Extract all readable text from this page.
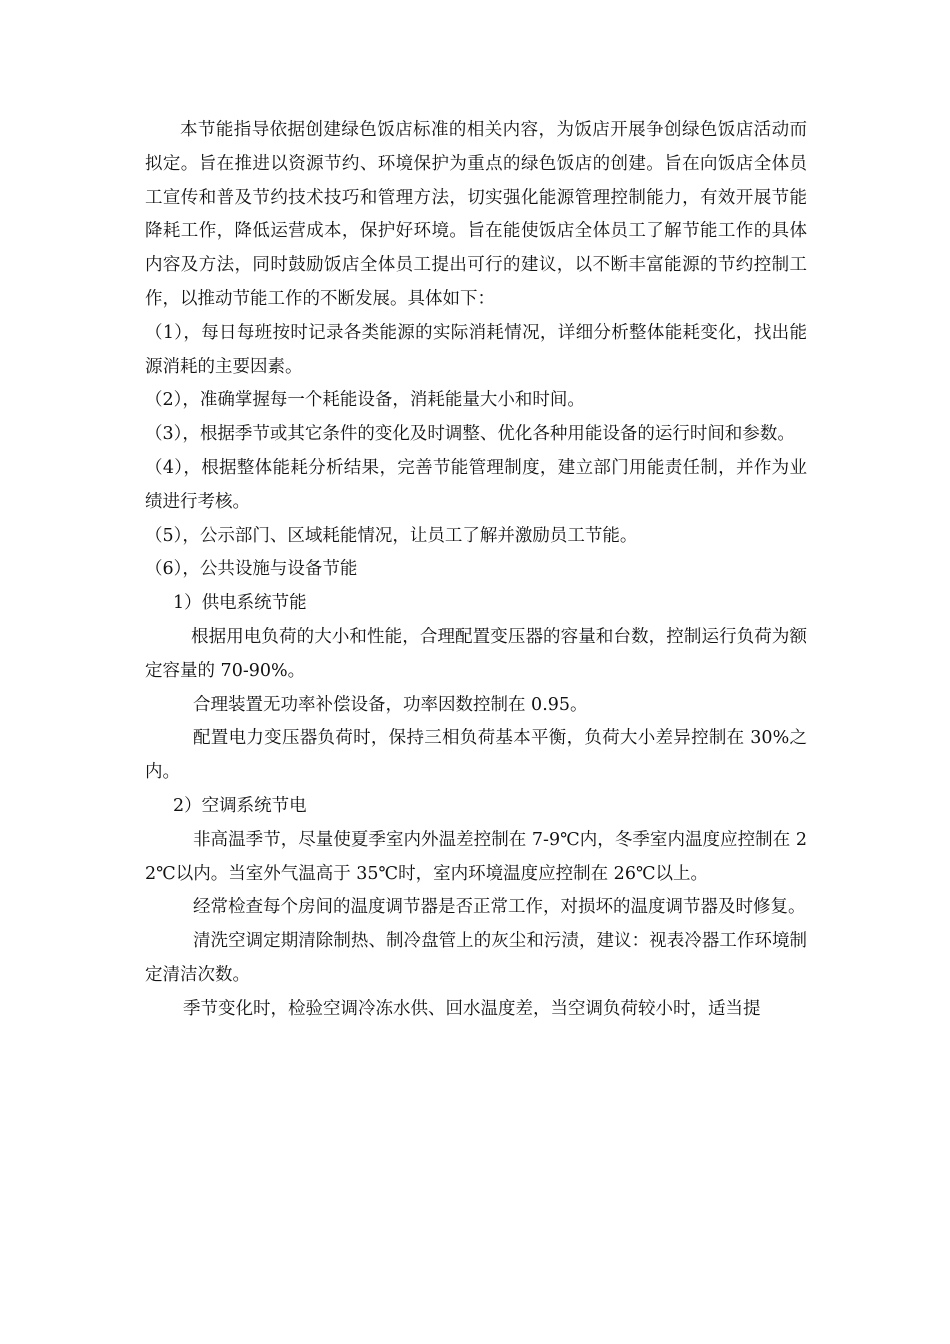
本节能指导依据创建绿色饭店标准的相关内容，为饭店开展争创绿色饭店活动而拟定。旨在推进以资源节约、环境保护为重点的绿色饭店的创建。旨在向饭店全体员工宣传和普及节约技术技巧和管理方法，切实强化能源管理控制能力，有效开展节能降耗工作，降低运营成本，保护好环境。旨在能使饭店全体员工了解节能工作的具体内容及方法，同时鼓励饭店全体员工提出可行的建议，以不断丰富能源的节约控制工作，以推动节能工作的不断发展。具体如下：

（1），每日每班按时记录各类能源的实际消耗情况，详细分析整体能耗变化，找出能源消耗的主要因素。

（2），准确掌握每一个耗能设备，消耗能量大小和时间。

（3），根据季节或其它条件的变化及时调整、优化各种用能设备的运行时间和参数。

（4），根据整体能耗分析结果，完善节能管理制度，建立部门用能责任制，并作为业绩进行考核。

（5），公示部门、区域耗能情况，让员工了解并激励员工节能。

（6），公共设施与设备节能

1）供电系统节能

根据用电负荷的大小和性能，合理配置变压器的容量和台数，控制运行负荷为额定容量的 70-90%。

合理装置无功率补偿设备，功率因数控制在 0.95。

配置电力变压器负荷时，保持三相负荷基本平衡，负荷大小差异控制在 30%之内。

2）空调系统节电

非高温季节，尽量使夏季室内外温差控制在 7-9℃内，冬季室内温度应控制在 22℃以内。当室外气温高于 35℃时，室内环境温度应控制在 26℃以上。

经常检查每个房间的温度调节器是否正常工作，对损坏的温度调节器及时修复。

清洗空调定期清除制热、制冷盘管上的灰尘和污渍，建议：视表冷器工作环境制定清洁次数。

季节变化时，检验空调冷冻水供、回水温度差，当空调负荷较小时，适当提
